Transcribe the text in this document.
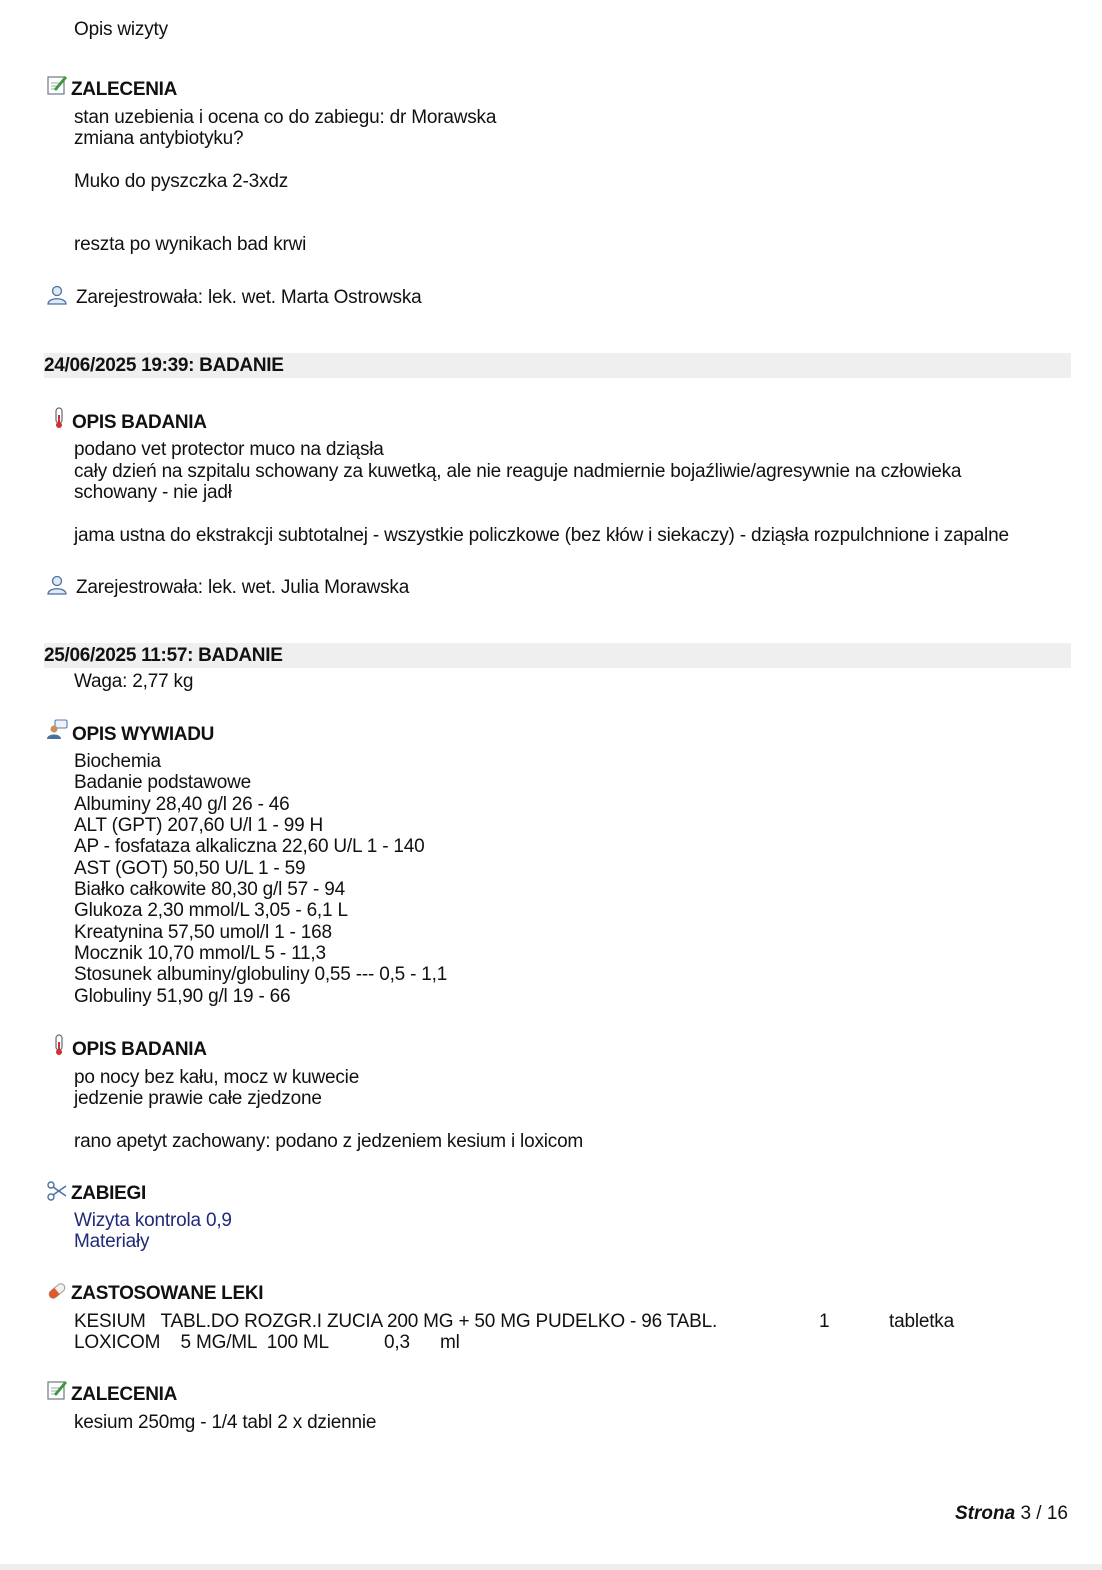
Opis wizyty
ZALECENIA
stan uzebienia i ocena co do zabiegu: dr Morawska
zmiana antybiotyku?
Muko do pyszczka 2-3xdz
reszta po wynikach bad krwi
Zarejestrowała: lek. wet. Marta Ostrowska
24/06/2025 19:39: BADANIE
OPIS BADANIA
podano vet protector muco na dziąsła
cały dzień na szpitalu schowany za kuwetką, ale nie reaguje nadmiernie bojaźliwie/agresywnie na człowieka
schowany - nie jadł
jama ustna do ekstrakcji subtotalnej - wszystkie policzkowe (bez kłów i siekaczy) - dziąsła rozpulchnione i zapalne
Zarejestrowała: lek. wet. Julia Morawska
25/06/2025 11:57: BADANIE
Waga: 2,77 kg
OPIS WYWIADU
Biochemia
Badanie podstawowe
Albuminy 28,40 g/l 26 - 46
ALT (GPT) 207,60 U/l 1 - 99 H
AP - fosfataza alkaliczna 22,60 U/L 1 - 140
AST (GOT) 50,50 U/L 1 - 59
Białko całkowite 80,30 g/l 57 - 94
Glukoza 2,30 mmol/L 3,05 - 6,1 L
Kreatynina 57,50 umol/l 1 - 168
Mocznik 10,70 mmol/L 5 - 11,3
Stosunek albuminy/globuliny 0,55 --- 0,5 - 1,1
Globuliny 51,90 g/l 19 - 66
OPIS BADANIA
po nocy bez kału, mocz w kuwecie
jedzenie prawie całe zjedzone
rano apetyt zachowany: podano z jedzeniem kesium i loxicom
ZABIEGI
Wizyta kontrola 0,9
Materiały
ZASTOSOWANE LEKI
KESIUM   TABL.DO ROZGR.I ZUCIA 200 MG + 50 MG PUDELKO - 96 TABL.	1	tabletka
LOXICOM    5 MG/ML  100 ML	0,3 ml
ZALECENIA
kesium 250mg - 1/4 tabl 2 x dziennie
Strona 3 / 16
